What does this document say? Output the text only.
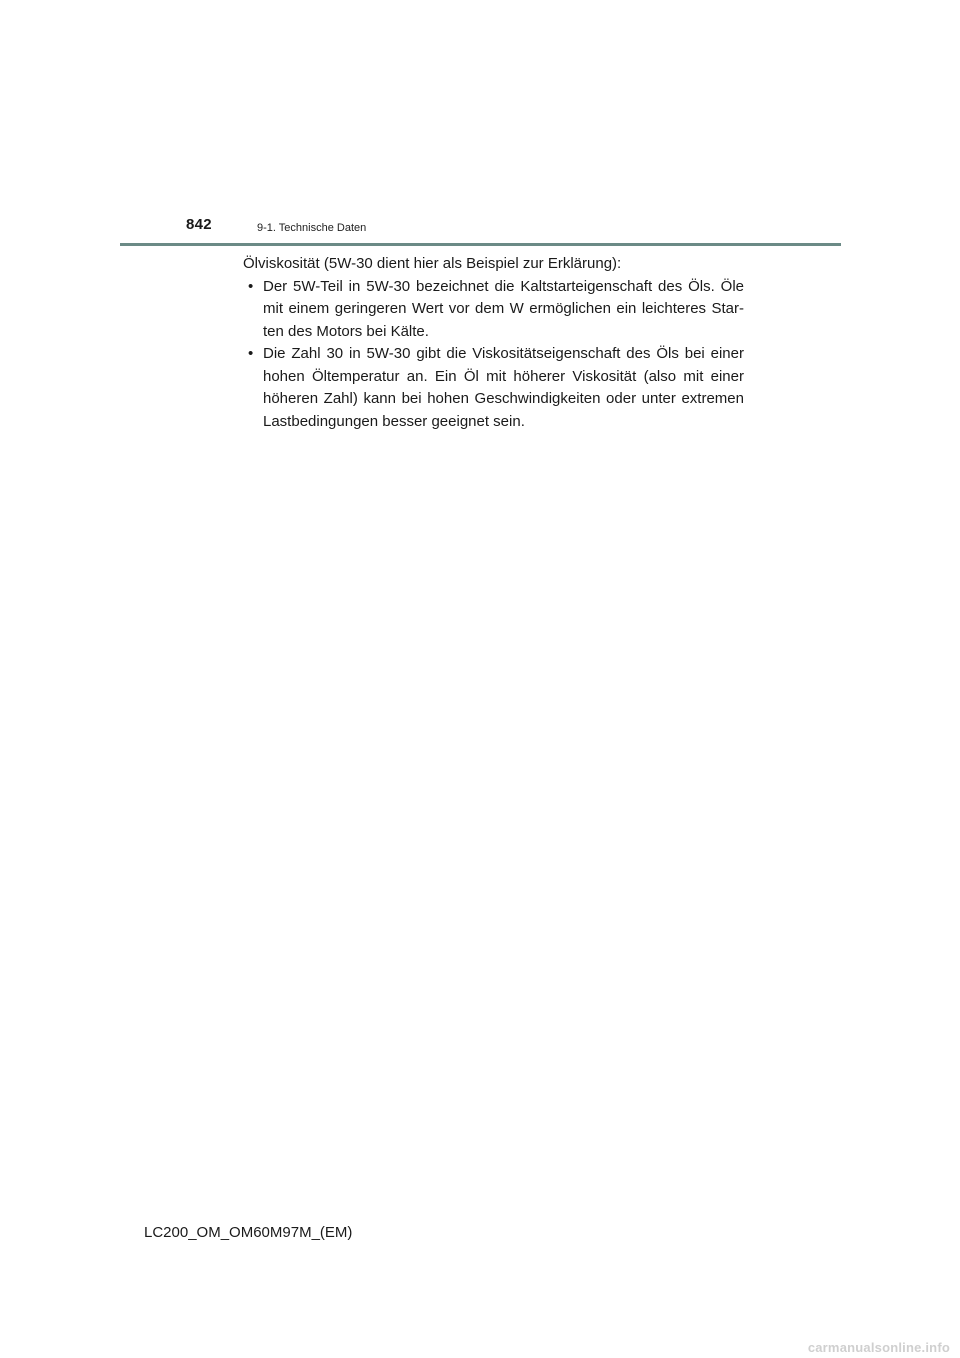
842	9-1. Technische Daten

Ölviskosität (5W-30 dient hier als Beispiel zur Erklärung):

• Der 5W-Teil in 5W-30 bezeichnet die Kaltstarteigenschaft des Öls. Öle mit einem geringeren Wert vor dem W ermöglichen ein leichteres Star-ten des Motors bei Kälte.
• Die Zahl 30 in 5W-30 gibt die Viskositätseigenschaft des Öls bei einer hohen Öltemperatur an. Ein Öl mit höherer Viskosität (also mit einer höheren Zahl) kann bei hohen Geschwindigkeiten oder unter extremen Lastbedingungen besser geeignet sein.
LC200_OM_OM60M97M_(EM)
carmanualsonline.info
